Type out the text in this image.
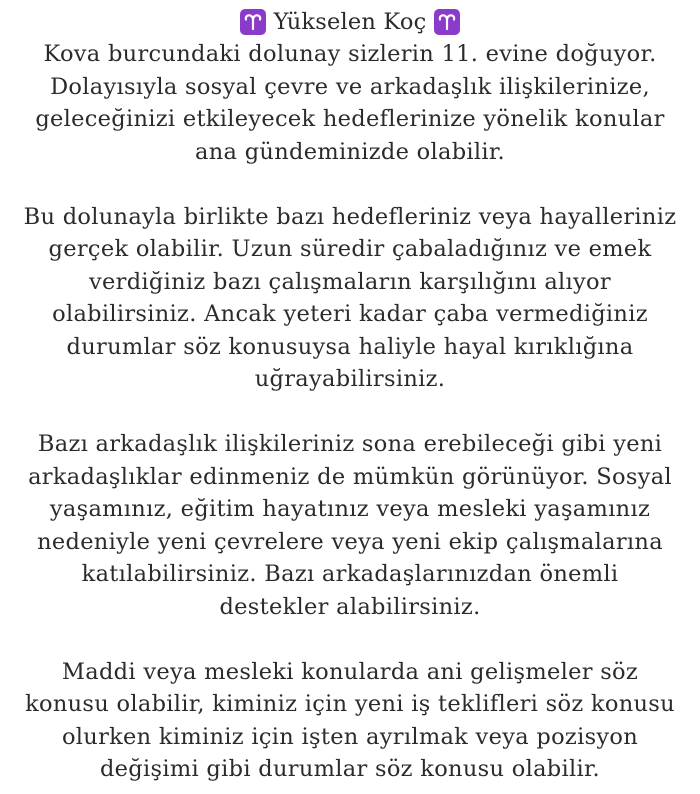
Yükselen Koç
Kova burcundaki dolunay sizlerin 11. evine doğuyor.
Dolayısıyla sosyal çevre ve arkadaşlık ilişkilerinize,
geleceğinizi etkileyecek hedeflerinize yönelik konular
ana gündeminizde olabilir.
Bu dolunayla birlikte bazı hedefleriniz veya hayalleriniz
gerçek olabilir. Uzun süredir çabaladığınız ve emek
verdiğiniz bazı çalışmaların karşılığını alıyor
olabilirsiniz. Ancak yeteri kadar çaba vermediğiniz
durumlar söz konusuysa haliyle hayal kırıklığına
uğrayabilirsiniz.
Bazı arkadaşlık ilişkileriniz sona erebileceği gibi yeni
arkadaşlıklar edinmeniz de mümkün görünüyor. Sosyal
yaşamınız, eğitim hayatınız veya mesleki yaşamınız
nedeniyle yeni çevrelere veya yeni ekip çalışmalarına
katılabilirsiniz. Bazı arkadaşlarınızdan önemli
destekler alabilirsiniz.
Maddi veya mesleki konularda ani gelişmeler söz
konusu olabilir, kiminiz için yeni iş teklifleri söz konusu
olurken kiminiz için işten ayrılmak veya pozisyon
değişimi gibi durumlar söz konusu olabilir.
